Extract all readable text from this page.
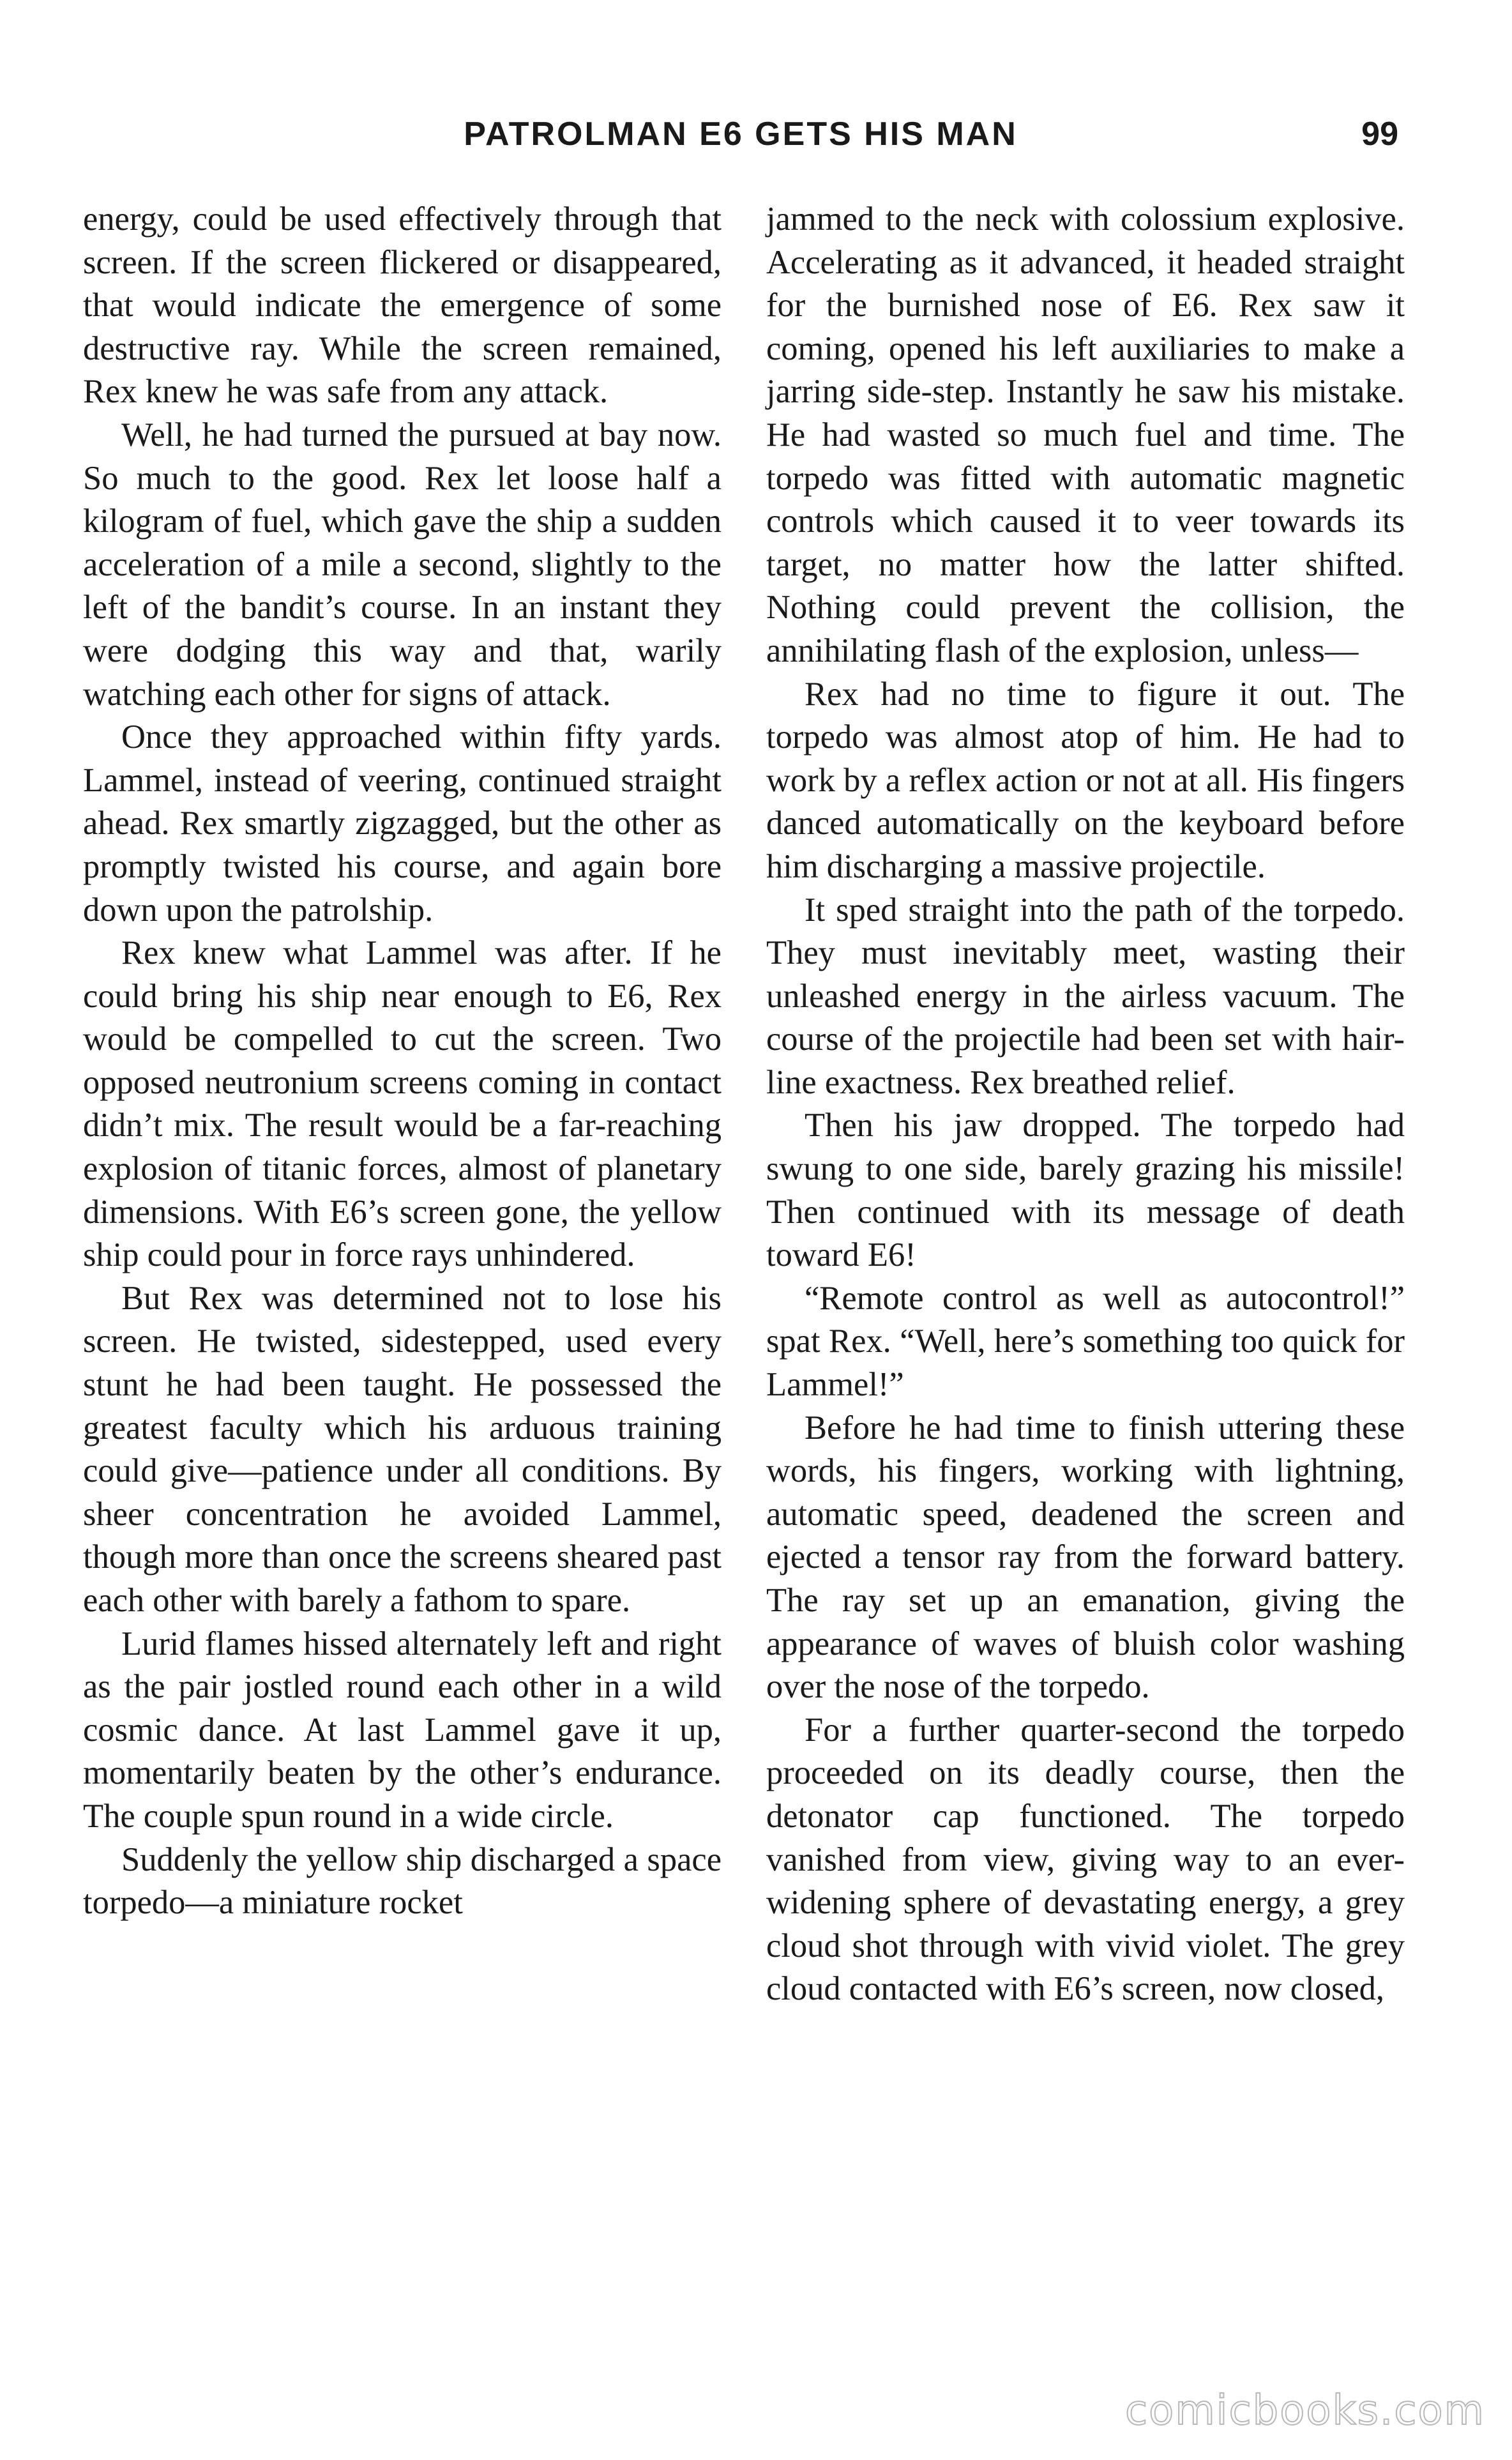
PATROLMAN E6 GETS HIS MAN	99

energy, could be used effectively through that screen. If the screen flickered or disappeared, that would indicate the emergence of some destructive ray. While the screen remained, Rex knew he was safe from any attack.

Well, he had turned the pursued at bay now. So much to the good. Rex let loose half a kilogram of fuel, which gave the ship a sudden acceleration of a mile a second, slightly to the left of the bandit’s course. In an instant they were dodging this way and that, warily watching each other for signs of attack.

Once they approached within fifty yards. Lammel, instead of veering, continued straight ahead. Rex smartly zigzagged, but the other as promptly twisted his course, and again bore down upon the patrolship.

Rex knew what Lammel was after. If he could bring his ship near enough to E6, Rex would be compelled to cut the screen. Two opposed neutronium screens coming in contact didn’t mix. The result would be a far-reaching explosion of titanic forces, almost of planetary dimensions. With E6’s screen gone, the yellow ship could pour in force rays unhindered.

But Rex was determined not to lose his screen. He twisted, sidestepped, used every stunt he had been taught. He possessed the greatest faculty which his arduous training could give—patience under all conditions. By sheer concentration he avoided Lammel, though more than once the screens sheared past each other with barely a fathom to spare.

Lurid flames hissed alternately left and right as the pair jostled round each other in a wild cosmic dance. At last Lammel gave it up, momentarily beaten by the other’s endurance. The couple spun round in a wide circle.

Suddenly the yellow ship discharged a space torpedo—a miniature rocket

jammed to the neck with colossium explosive. Accelerating as it advanced, it headed straight for the burnished nose of E6. Rex saw it coming, opened his left auxiliaries to make a jarring side-step. Instantly he saw his mistake. He had wasted so much fuel and time. The torpedo was fitted with automatic magnetic controls which caused it to veer towards its target, no matter how the latter shifted. Nothing could prevent the collision, the annihilating flash of the explosion, unless—

Rex had no time to figure it out. The torpedo was almost atop of him. He had to work by a reflex action or not at all. His fingers danced automatically on the keyboard before him discharging a massive projectile.

It sped straight into the path of the torpedo. They must inevitably meet, wasting their unleashed energy in the airless vacuum. The course of the projectile had been set with hair-line exactness. Rex breathed relief.

Then his jaw dropped. The torpedo had swung to one side, barely grazing his missile! Then continued with its message of death toward E6!

“Remote control as well as autocontrol!” spat Rex. “Well, here’s something too quick for Lammel!”

Before he had time to finish uttering these words, his fingers, working with lightning, automatic speed, deadened the screen and ejected a tensor ray from the forward battery. The ray set up an emanation, giving the appearance of waves of bluish color washing over the nose of the torpedo.

For a further quarter-second the torpedo proceeded on its deadly course, then the detonator cap functioned. The torpedo vanished from view, giving way to an ever-widening sphere of devastating energy, a grey cloud shot through with vivid violet. The grey cloud contacted with E6’s screen, now closed,

comicbooks.com
